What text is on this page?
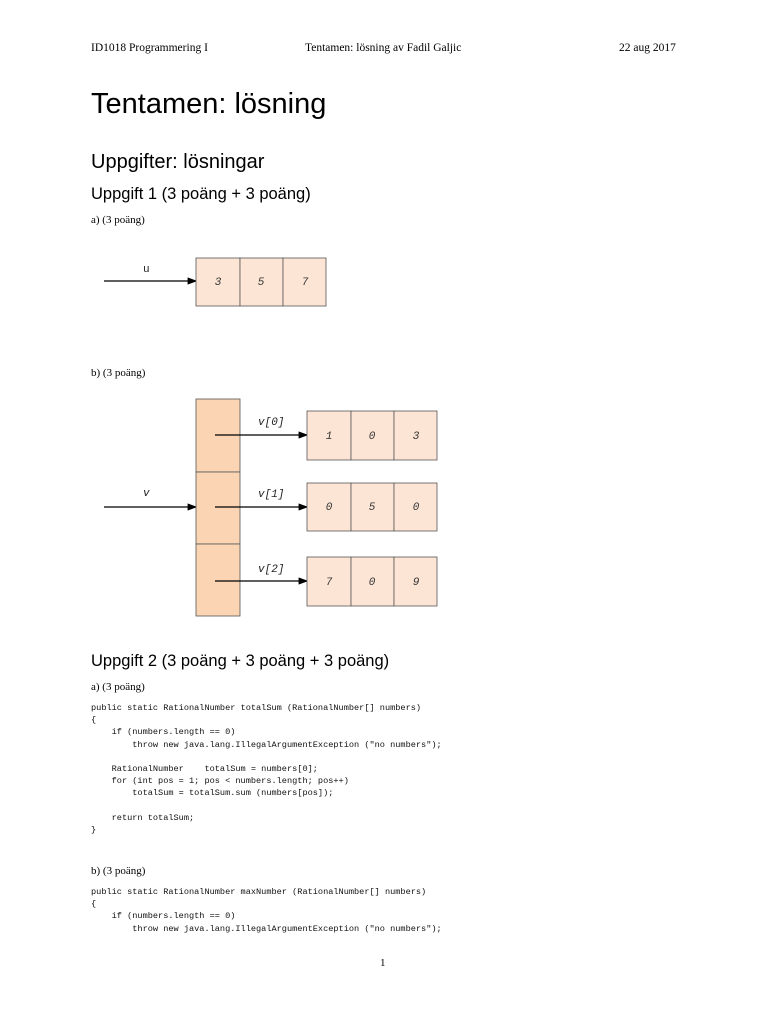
ID1018 Programmering I	Tentamen: lösning av Fadil Galjic	22 aug 2017
Tentamen: lösning
Uppgifter: lösningar
Uppgift 1 (3 poäng + 3 poäng)
a) (3 poäng)
u
3	5	7
v
v[0]
1	0	3
v[1]
0	5	0
v[2]
7	0	9
b) (3 poäng)
Uppgift 2 (3 poäng + 3 poäng + 3 poäng)
a) (3 poäng)
public static RationalNumber totalSum (RationalNumber[] numbers)
{
if (numbers.length == 0)
throw new java.lang.IllegalArgumentException ("no numbers");

RationalNumber    totalSum = numbers[0];
for (int pos = 1; pos < numbers.length; pos++)
totalSum = totalSum.sum (numbers[pos]);

return totalSum;
}
b) (3 poäng)
public static RationalNumber maxNumber (RationalNumber[] numbers)
{
if (numbers.length == 0)
throw new java.lang.IllegalArgumentException ("no numbers");
1
